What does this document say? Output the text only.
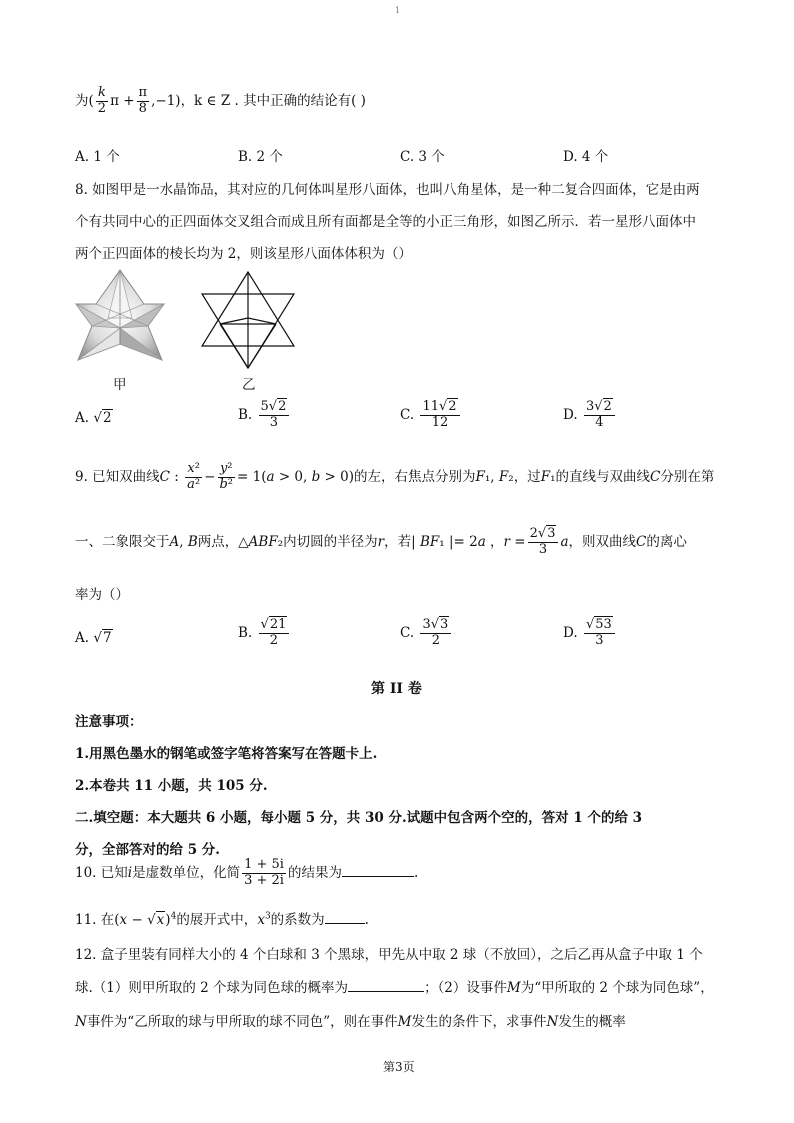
1
为( $\frac{k}{2}$ $\pi + \frac{\pi}{8} ,-1$)，k ∈ Z . 其中正确的结论有( )
A. 1 个	B. 2 个	C. 3 个	D. 4 个
8. 如图甲是一水晶饰品，其对应的几何体叫星形八面体，也叫八角星体，是一种二复合四面体，它是由两
个有共同中心的正四面体交叉组合而成且所有面都是全等的小正三角形，如图乙所示．若一星形八面体中
两个正四面体的棱长均为 2，则该星形八面体体积为（）
甲	乙
A. √2	B. $\frac{5√2}{3}$	C. $\frac{11√2}{12}$	D. $\frac{3√2}{4}$
9. 已知双曲线C : $\frac{\text{x²}}{\text{a²}} - \frac{\text{y²}}{\text{b²}} = 1(a > 0$, b > 0)的左，右焦点分别为F₁, F₂，过F₁的直线与双曲线C分别在第
一、二象限交于A, B两点，△ABF₂内切圆的半径为r，若| BF₁ |= 2a ，$r = \frac{2√3}{3}$ a，则双曲线C的离心
率为（）
A. √7	B. $\frac{√21}{2}$	C. $\frac{3√3}{2}$	D. $\frac{√53}{3}$
第 II 卷
注意事项：
1.用黑色墨水的钢笔或签字笔将答案写在答题卡上.
2.本卷共 11 小题，共 105 分.
二.填空题：本大题共 6 小题，每小题 5 分，共 30 分.试题中包含两个空的，答对 1 个的给 3
分，全部答对的给 5 分.
10. 已知i是虚数单位，化简 $\frac{1 + 5i}{3 + 2i}$ 的结果为	.
11. 在$(x - √x)^4$的展开式中，$x^3$的系数为	.
12. 盒子里装有同样大小的 4 个白球和 3 个黑球，甲先从中取 2 球（不放回），之后乙再从盒子中取 1 个
球.（1）则甲所取的 2 个球为同色球的概率为	；（2）设事件M为“甲所取的 2 个球为同色球”，
N事件为“乙所取的球与甲所取的球不同色”，则在事件M发生的条件下，求事件N发生的概率
第3页
